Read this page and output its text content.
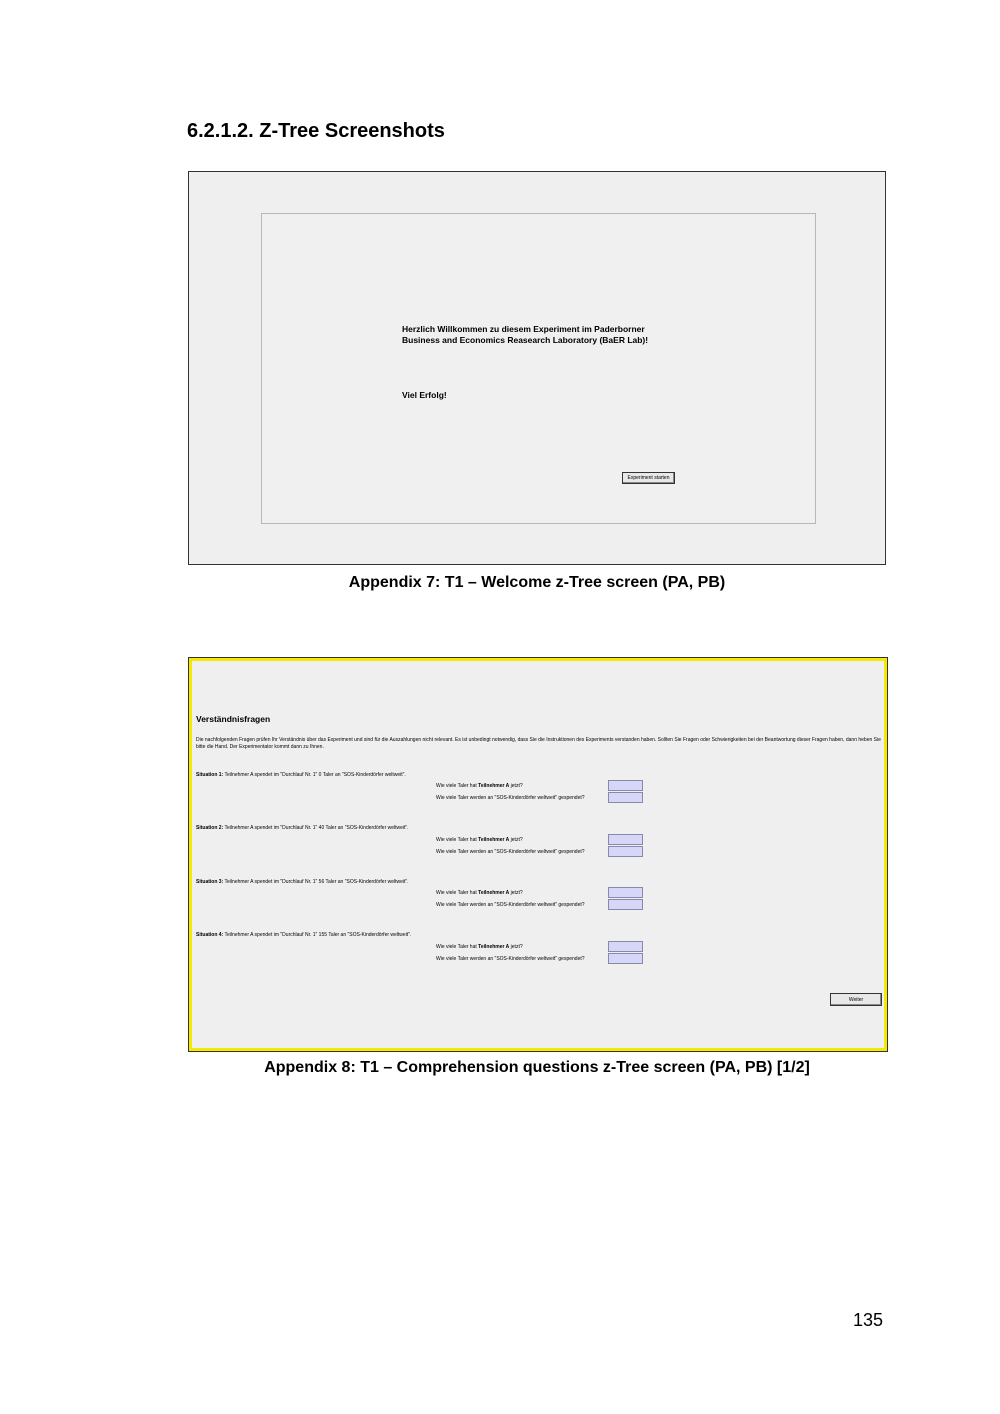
6.2.1.2. Z-Tree Screenshots

Herzlich Willkommen zu diesem Experiment im Paderborner
Business and Economics Reasearch Laboratory (BaER Lab)!

Viel Erfolg!

Experiment starten

Appendix 7: T1 – Welcome z-Tree screen (PA, PB)

Verständnisfragen

Die nachfolgenden Fragen prüfen Ihr Verständnis über das Experiment und sind für die Auszahlungen nicht relevant. Es ist unbedingt notwendig, dass Sie die Instruktionen des Experiments verstanden haben. Sollten Sie Fragen oder Schwierigkeiten bei der Beantwortung dieser Fragen haben, dann heben Sie bitte die Hand. Der Experimentator kommt dann zu Ihnen.

Situation 1: Teilnehmer A spendet im "Durchlauf Nr. 1" 0 Taler an "SOS-Kinderdörfer weltweit".

Wie viele Taler hat Teilnehmer A jetzt?

Wie viele Taler werden an "SOS-Kinderdörfer weltweit" gespendet?

Situation 2: Teilnehmer A spendet im "Durchlauf Nr. 1" 40 Taler an "SOS-Kinderdörfer weltweit".

Wie viele Taler hat Teilnehmer A jetzt?

Wie viele Taler werden an "SOS-Kinderdörfer weltweit" gespendet?

Situation 3: Teilnehmer A spendet im "Durchlauf Nr. 1" 56 Taler an "SOS-Kinderdörfer weltweit".

Wie viele Taler hat Teilnehmer A jetzt?

Wie viele Taler werden an "SOS-Kinderdörfer weltweit" gespendet?

Situation 4: Teilnehmer A spendet im "Durchlauf Nr. 1" 155 Taler an "SOS-Kinderdörfer weltweit".

Wie viele Taler hat Teilnehmer A jetzt?

Wie viele Taler werden an "SOS-Kinderdörfer weltweit" gespendet?

Weiter

Appendix 8: T1 – Comprehension questions z-Tree screen (PA, PB) [1/2]

135
